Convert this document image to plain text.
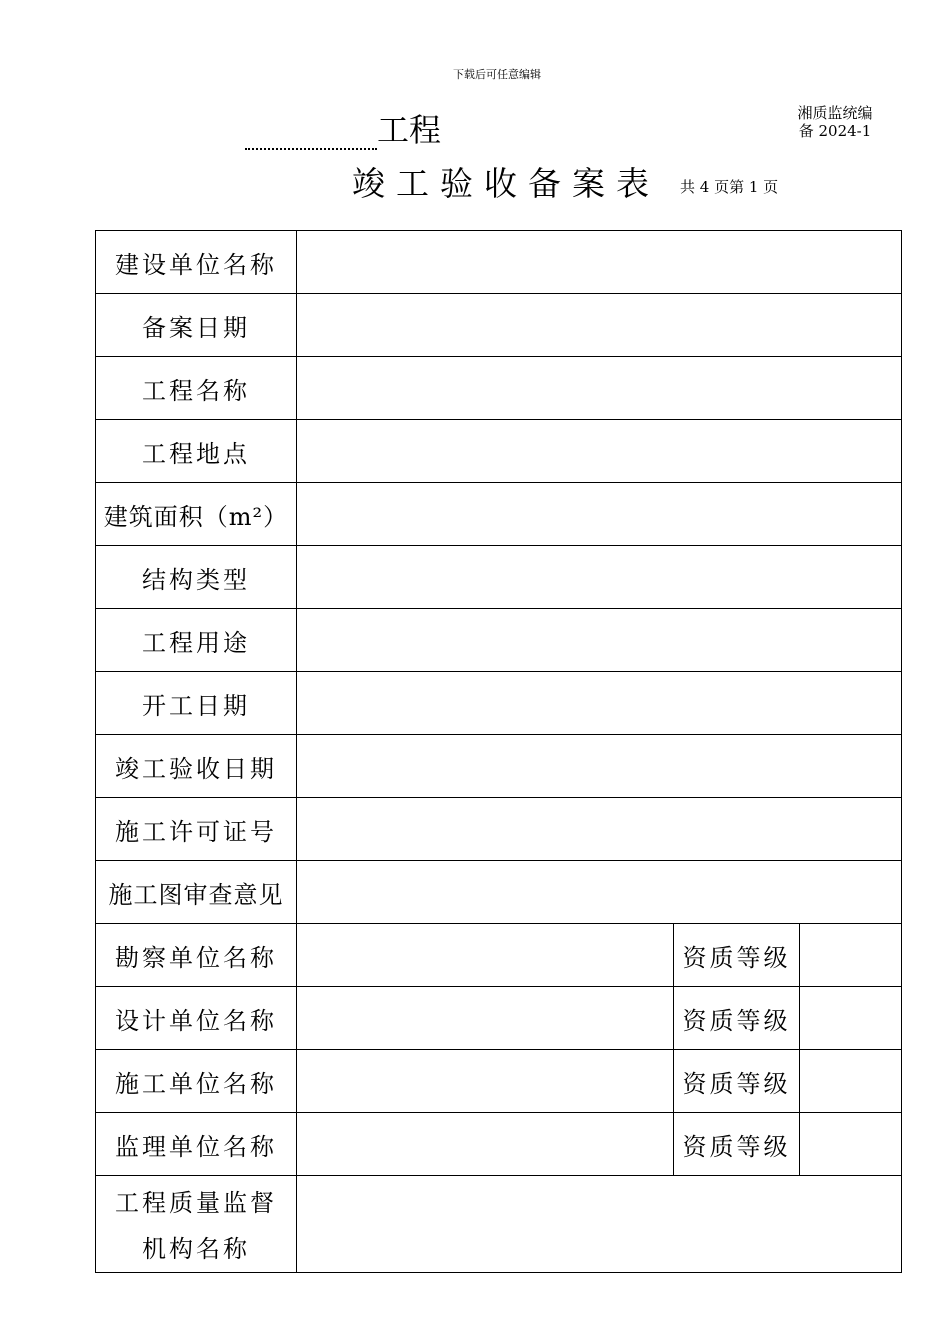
下载后可任意编辑
湘质监统编
备 2024-1
工程
竣工验收备案表 共 4 页第 1 页
建设单位名称			
备案日期			
工程名称			
工程地点			
建筑面积（m²）			
结构类型			
工程用途			
开工日期			
竣工验收日期			
施工许可证号			
施工图审查意见			
勘察单位名称		资质等级	
设计单位名称		资质等级	
施工单位名称		资质等级	
监理单位名称		资质等级	

工程质量监督
机构名称			
